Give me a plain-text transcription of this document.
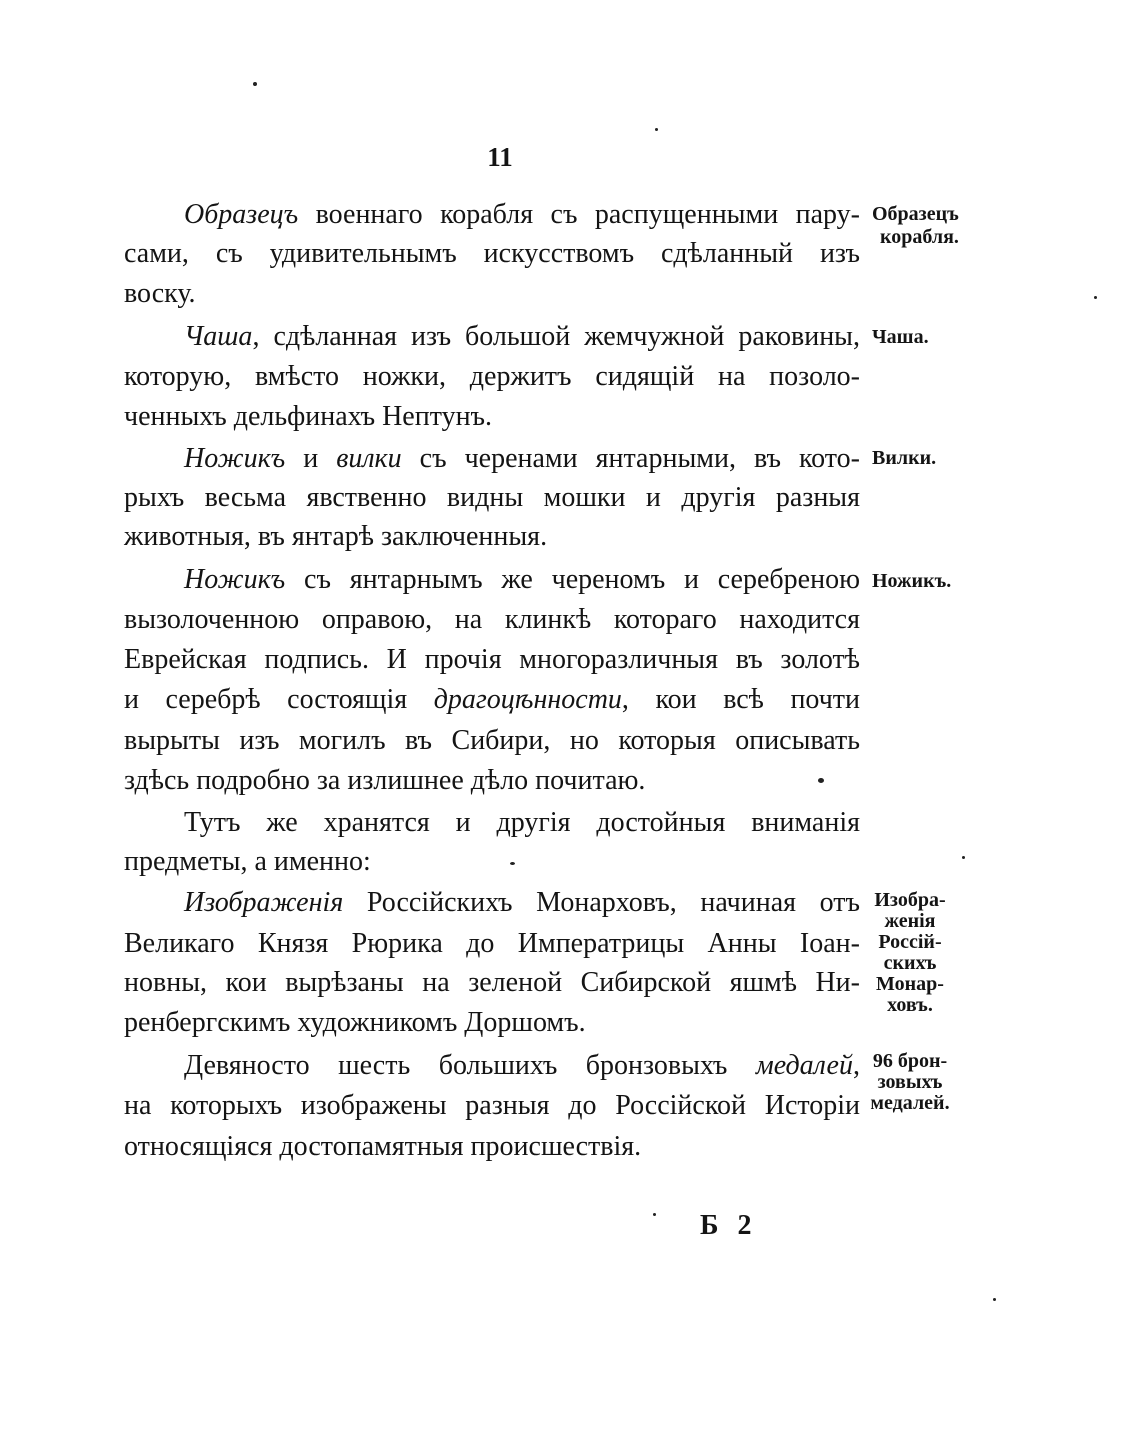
11
Образецъ военнаго корабля съ распущенными пару-
сами, съ удивительнымъ искусствомъ сдѣланный изъ
воску.
Чаша, сдѣланная изъ большой жемчужной раковины,
которую, вмѣсто ножки, держитъ сидящій на позоло-
ченныхъ дельфинахъ Нептунъ.
Ножикъ и вилки съ черенами янтарными, въ кото-
рыхъ весьма явственно видны мошки и другія разныя
животныя, въ янтарѣ заключенныя.
Ножикъ съ янтарнымъ же череномъ и серебреною
вызолоченною оправою, на клинкѣ котораго находится
Еврейская подпись. И прочія многоразличныя въ золотѣ
и серебрѣ состоящія драгоцѣнности, кои всѣ почти
вырыты изъ могилъ въ Сибири, но которыя описывать
здѣсь подробно за излишнее дѣло почитаю.
Тутъ же хранятся и другія достойныя вниманія
предметы, а именно:
Изображенія Россійскихъ Монарховъ, начиная отъ
Великаго Князя Рюрика до Императрицы Анны Іоан-
новны, кои вырѣзаны на зеленой Сибирской яшмѣ Ни-
ренбергскимъ художникомъ Доршомъ.
Девяносто шесть большихъ бронзовыхъ медалей,
на которыхъ изображены разныя до Россійской Исторіи
относящіяся достопамятныя происшествія.
Образецъ
корабля.
Чаша.
Вилки.
Ножикъ.
Изобра-
женія
Россій-
скихъ
Монар-
ховъ.
96 брон-
зовыхъ
медалей.
Б 2
